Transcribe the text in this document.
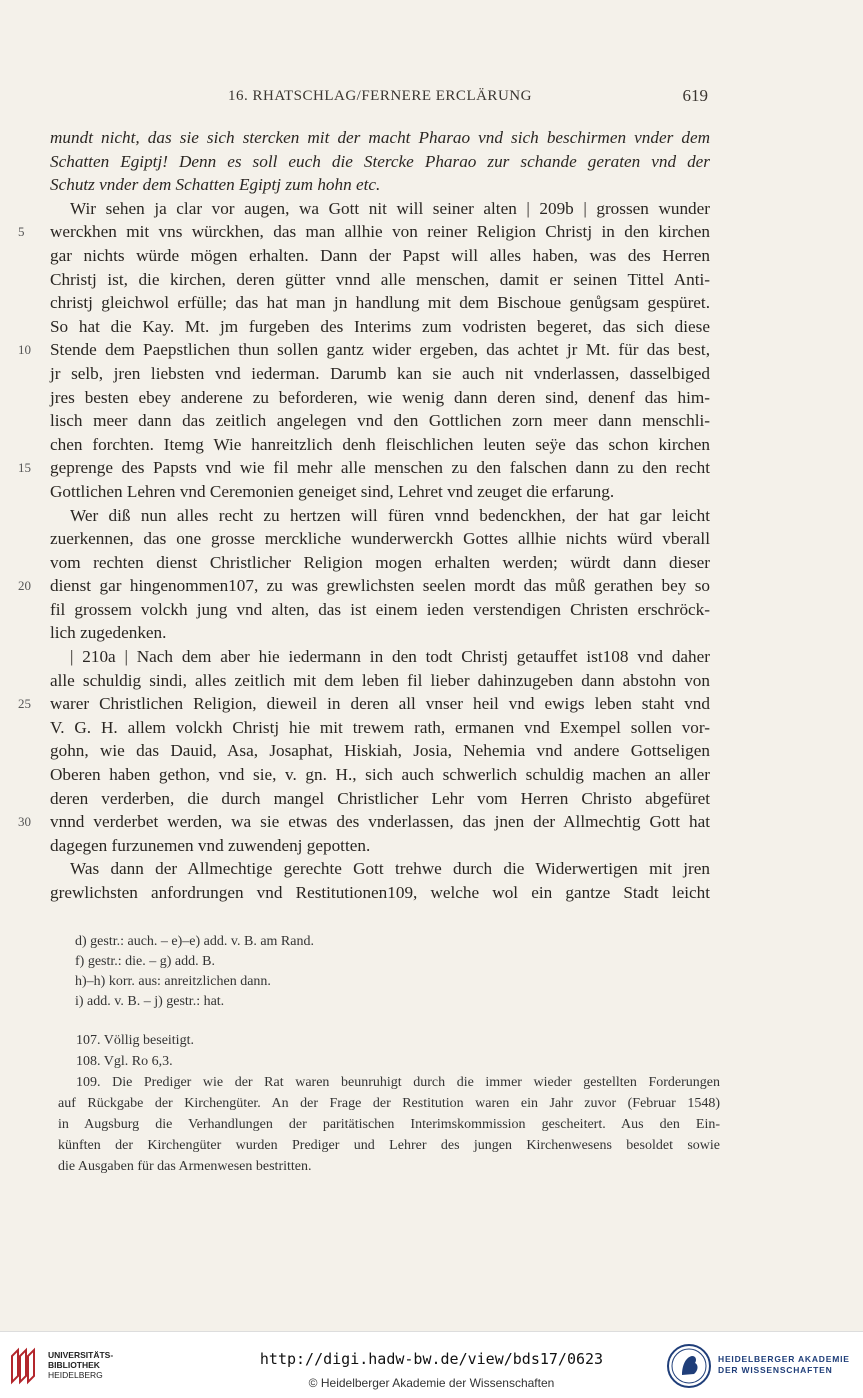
16. RHATSCHLAG/FERNERE ERCLÄRUNG	619
mundt nicht, das sie sich stercken mit der macht Pharao vnd sich beschirmen vnder dem
Schatten Egiptj! Denn es soll euch die Stercke Pharao zur schande geraten vnd der
Schutz vnder dem Schatten Egiptj zum hohn etc.
Wir sehen ja clar vor augen, wa Gott nit will seiner alten | 209b | grossen wunder
5	werckhen mit vns würckhen, das man allhie von reiner Religion Christj in den kirchen
gar nichts würde mögen erhalten. Dann der Papst will alles haben, was des Herren
Christj ist, die kirchen, deren gütter vnnd alle menschen, damit er seinen Tittel Anti-
christj gleichwol erfülle; das hat man jn handlung mit dem Bischoue genůgsam gespüret.
So hat die Kay. Mt. jm furgeben des Interims zum vodristen begeret, das sich diese
10	Stende dem Paepstlichen thun sollen gantz wider ergeben, das achtet jr Mt. für das best,
jr selb, jren liebsten vnd iederman. Darumb kan sie auch nit vnderlassen, dasselbiged
jres besten ebey anderene zu beforderen, wie wenig dann deren sind, denenf das him-
lisch meer dann das zeitlich angelegen vnd den Gottlichen zorn meer dann menschli-
chen forchten. Itemg Wie hanreitzlich denh fleischlichen leuten seÿe das schon kirchen
15	geprenge des Papsts vnd wie fil mehr alle menschen zu den falschen dann zu den recht
Gottlichen Lehren vnd Ceremonien geneiget sind, Lehret vnd zeuget die erfarung.
Wer diß nun alles recht zu hertzen will füren vnnd bedenckhen, der hat gar leicht
zuerkennen, das one grosse merckliche wunderwerckh Gottes allhie nichts würd vberall
vom rechten dienst Christlicher Religion mogen erhalten werden; würdt dann dieser
20	dienst gar hingenommen107, zu was grewlichsten seelen mordt das můß gerathen bey so
fil grossem volckh jung vnd alten, das ist einem ieden verstendigen Christen erschröck-
lich zugedenken.
| 210a | Nach dem aber hie iedermann in den todt Christj getauffet ist108 vnd daher
alle schuldig sindi, alles zeitlich mit dem leben fil lieber dahinzugeben dann abstohn von
25	warer Christlichen Religion, dieweil in deren all vnser heil vnd ewigs leben staht vnd
V. G. H. allem volckh Christj hie mit trewem rath, ermanen vnd Exempel sollen vor-
gohn, wie das Dauid, Asa, Josaphat, Hiskiah, Josia, Nehemia vnd andere Gottseligen
Oberen haben gethon, vnd sie, v. gn. H., sich auch schwerlich schuldig machen an aller
deren verderben, die durch mangel Christlicher Lehr vom Herren Christo abgefüret
30	vnnd verderbet werden, wa sie etwas des vnderlassen, das jnen der Allmechtig Gott hat
dagegen furzunemen vnd zuwendenj gepotten.
Was dann der Allmechtige gerechte Gott trehwe durch die Widerwertigen mit jren
grewlichsten anfordrungen vnd Restitutionen109, welche wol ein gantze Stadt leicht
d) gestr.: auch. – e)–e) add. v. B. am Rand.
f) gestr.: die. – g) add. B.
h)–h) korr. aus: anreitzlichen dann.
i) add. v. B. – j) gestr.: hat.
107. Völlig beseitigt.
108. Vgl. Ro 6,3.
109. Die Prediger wie der Rat waren beunruhigt durch die immer wieder gestellten Forderungen
auf Rückgabe der Kirchengüter. An der Frage der Restitution waren ein Jahr zuvor (Februar 1548)
in Augsburg die Verhandlungen der paritätischen Interimskommission gescheitert. Aus den Ein-
künften der Kirchengüter wurden Prediger und Lehrer des jungen Kirchenwesens besoldet sowie
die Ausgaben für das Armenwesen bestritten.
UNIVERSITÄTS-
BIBLIOTHEK
HEIDELBERG
http://digi.hadw-bw.de/view/bds17/0623
© Heidelberger Akademie der Wissenschaften
HEIDELBERGER AKADEMIE
DER WISSENSCHAFTEN
